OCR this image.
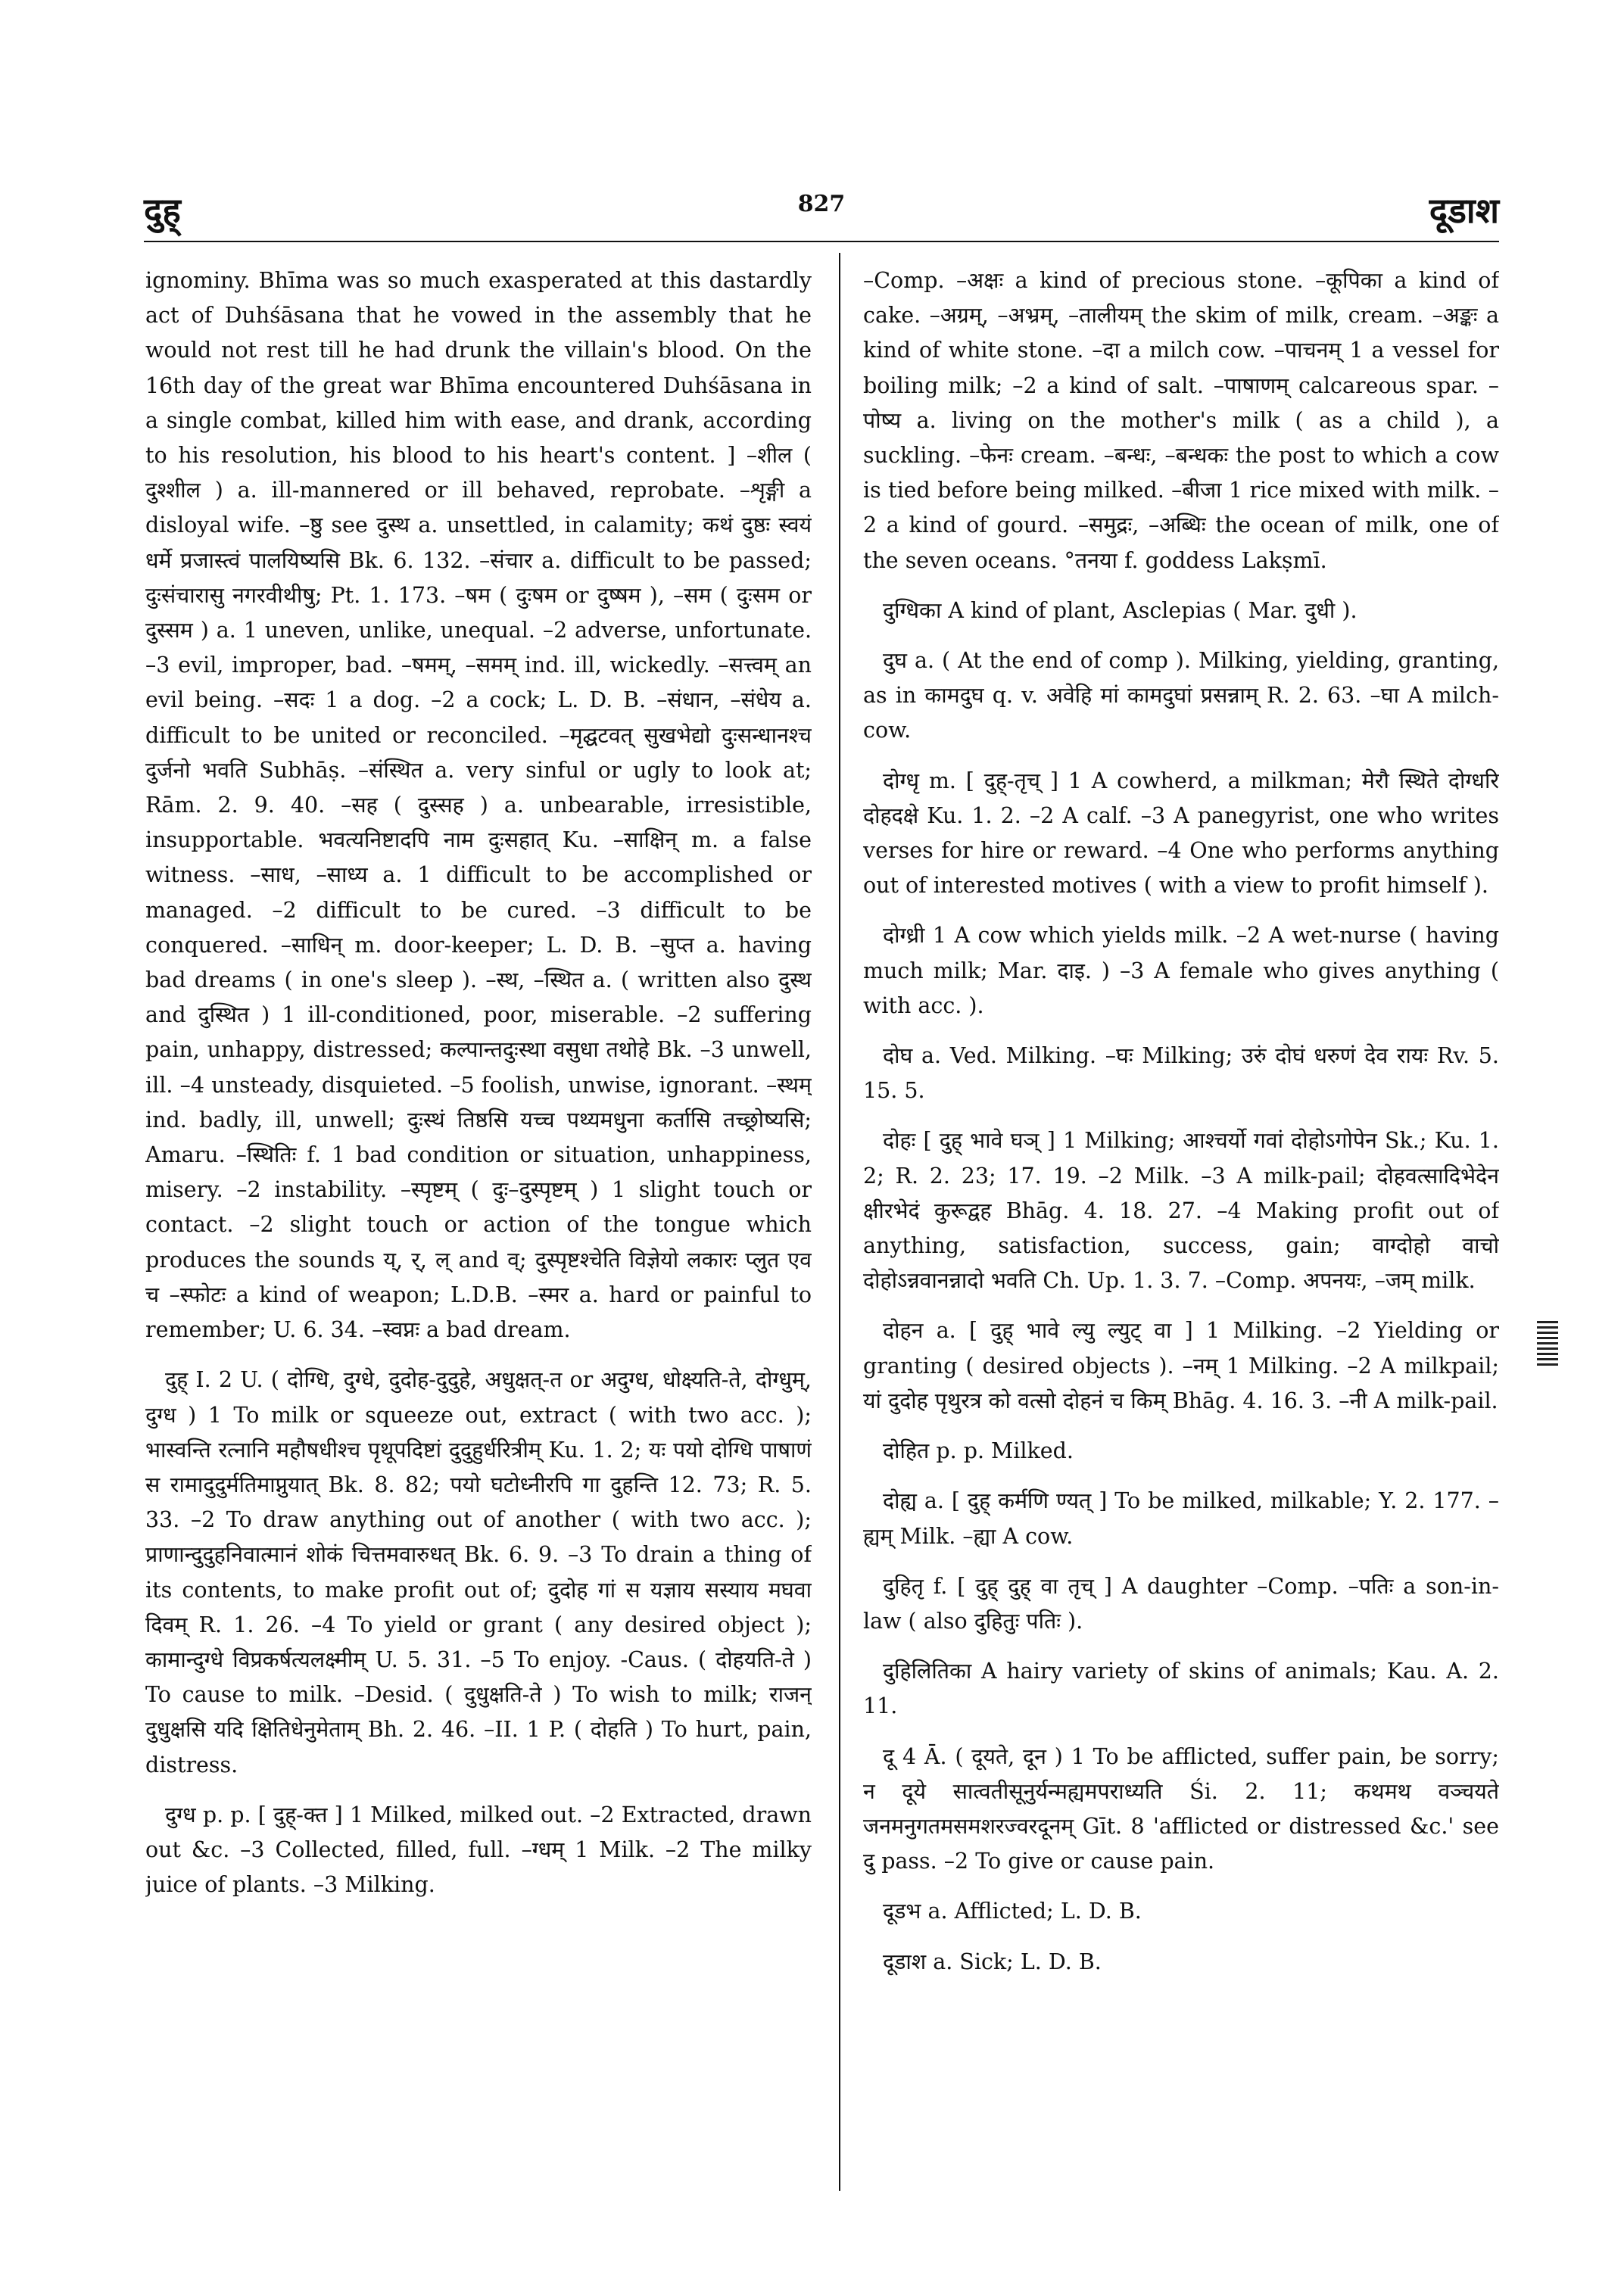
दुह्	827	दूडाश

ignominy. Bhīma was so much exasperated at this dastardly act of Duhśāsana that he vowed in the assembly that he would not rest till he had drunk the villain's blood. On the 16th day of the great war Bhīma encountered Duhśāsana in a single combat, killed him with ease, and drank, according to his resolution, his blood to his heart's content. ] –शील ( दुश्शील ) a. ill-mannered or ill behaved, reprobate. –शृङ्गी a disloyal wife. –ष्ठु see दुस्थ a. unsettled, in calamity; कथं दुष्ठः स्वयं धर्मे प्रजास्त्वं पालयिष्यसि Bk. 6. 132. –संचार a. difficult to be passed; दुःसंचारासु नगरवीथीषु; Pt. 1. 173. –षम ( दुःषम or दुष्षम ), –सम ( दुःसम or दुस्सम ) a. 1 uneven, unlike, unequal. –2 adverse, unfortunate. –3 evil, improper, bad. –षमम्, –समम् ind. ill, wickedly. –सत्त्वम् an evil being. –सदः 1 a dog. –2 a cock; L. D. B. –संधान, –संधेय a. difficult to be united or reconciled. –मृद्घटवत् सुखभेद्यो दुःसन्धानश्च दुर्जनो भवति Subhāṣ. –संस्थित a. very sinful or ugly to look at; Rām. 2. 9. 40. –सह ( दुस्सह ) a. unbearable, irresistible, insupportable. भवत्यनिष्टादपि नाम दुःसहात् Ku. –साक्षिन् m. a false witness. –साध, –साध्य a. 1 difficult to be accomplished or managed. –2 difficult to be cured. –3 difficult to be conquered. –साधिन् m. door-keeper; L. D. B. –सुप्त a. having bad dreams ( in one's sleep ). –स्थ, –स्थित a. ( written also दुस्थ and दुस्थित ) 1 ill-conditioned, poor, miserable. –2 suffering pain, unhappy, distressed; कल्पान्तदुःस्था वसुधा तथोहे Bk. –3 unwell, ill. –4 unsteady, disquieted. –5 foolish, unwise, ignorant. –स्थम् ind. badly, ill, unwell; दुःस्थं तिष्ठसि यच्च पथ्यमधुना कर्तासि तच्छ्रोष्यसि; Amaru. –स्थितिः f. 1 bad condition or situation, unhappiness, misery. –2 instability. –स्पृष्टम् ( दुः–दुस्पृष्टम् ) 1 slight touch or contact. –2 slight touch or action of the tongue which produces the sounds य्, र्, ल् and व्; दुस्पृष्टश्चेति विज्ञेयो लकारः प्लुत एव च –स्फोटः a kind of weapon; L.D.B. –स्मर a. hard or painful to remember; U. 6. 34. –स्वप्नः a bad dream.

दुह् I. 2 U. ( दोग्धि, दुग्धे, दुदोह-दुदुहे, अधुक्षत्-त or अदुग्ध, धोक्ष्यति-ते, दोग्धुम्, दुग्ध ) 1 To milk or squeeze out, extract ( with two acc. ); भास्वन्ति रत्नानि महौषधीश्च पृथूपदिष्टां दुदुहुर्धरित्रीम् Ku. 1. 2; यः पयो दोग्धि पाषाणं स रामादुदुर्मतिमाप्नुयात् Bk. 8. 82; पयो घटोध्नीरपि गा दुहन्ति 12. 73; R. 5. 33. –2 To draw anything out of another ( with two acc. ); प्राणान्दुदुहनिवात्मानं शोकं चित्तमवारुधत् Bk. 6. 9. –3 To drain a thing of its contents, to make profit out of; दुदोह गां स यज्ञाय सस्याय मघवा दिवम् R. 1. 26. –4 To yield or grant ( any desired object ); कामान्दुग्धे विप्रकर्षत्यलक्ष्मीम् U. 5. 31. –5 To enjoy. -Caus. ( दोहयति-ते ) To cause to milk. –Desid. ( दुधुक्षति-ते ) To wish to milk; राजन् दुधुक्षसि यदि क्षितिधेनुमेताम् Bh. 2. 46. –II. 1 P. ( दोहति ) To hurt, pain, distress.

दुग्ध p. p. [ दुह्-क्त ] 1 Milked, milked out. –2 Extracted, drawn out &c. –3 Collected, filled, full. –ग्धम् 1 Milk. –2 The milky juice of plants. –3 Milking.

–Comp. –अक्षः a kind of precious stone. –कूपिका a kind of cake. –अग्रम्, –अभ्रम्, –तालीयम् the skim of milk, cream. –अङ्कः a kind of white stone. –दा a milch cow. –पाचनम् 1 a vessel for boiling milk; –2 a kind of salt. –पाषाणम् calcareous spar. –पोष्य a. living on the mother's milk ( as a child ), a suckling. –फेनः cream. –बन्धः, –बन्धकः the post to which a cow is tied before being milked. –बीजा 1 rice mixed with milk. –2 a kind of gourd. –समुद्रः, –अब्धिः the ocean of milk, one of the seven oceans. °तनया f. goddess Lakṣmī.

दुग्धिका A kind of plant, Asclepias ( Mar. दुधी ).

दुघ a. ( At the end of comp ). Milking, yielding, granting, as in कामदुघ q. v. अवेहि मां कामदुघां प्रसन्नाम् R. 2. 63. –घा A milch-cow.

दोग्धृ m. [ दुह्-तृच् ] 1 A cowherd, a milkman; मेरौ स्थिते दोग्धरि दोहदक्षे Ku. 1. 2. –2 A calf. –3 A panegyrist, one who writes verses for hire or reward. –4 One who performs anything out of interested motives ( with a view to profit himself ).

दोग्ध्री 1 A cow which yields milk. –2 A wet-nurse ( having much milk; Mar. दाइ. ) –3 A female who gives anything ( with acc. ).

दोघ a. Ved. Milking. –घः Milking; उरुं दोघं धरुणं देव रायः Rv. 5. 15. 5.

दोहः [ दुह् भावे घञ् ] 1 Milking; आश्चर्यो गवां दोहोऽगोपेन Sk.; Ku. 1. 2; R. 2. 23; 17. 19. –2 Milk. –3 A milk-pail; दोहवत्सादिभेदेन क्षीरभेदं कुरूद्वह Bhāg. 4. 18. 27. –4 Making profit out of anything, satisfaction, success, gain; वाग्दोहो वाचो दोहोऽन्नवानन्नादो भवति Ch. Up. 1. 3. 7. –Comp. अपनयः, –जम् milk.

दोहन a. [ दुह् भावे ल्यु ल्युट् वा ] 1 Milking. –2 Yielding or granting ( desired objects ). –नम् 1 Milking. –2 A milkpail; यां दुदोह पृथुरत्र को वत्सो दोहनं च किम् Bhāg. 4. 16. 3. –नी A milk-pail.

दोहित p. p. Milked.

दोह्य a. [ दुह् कर्मणि ण्यत् ] To be milked, milkable; Y. 2. 177. –ह्यम् Milk. –ह्या A cow.

दुहितृ f. [ दुह् दुह् वा तृच् ] A daughter –Comp. –पतिः a son-in-law ( also दुहितुः पतिः ).

दुहिलितिका A hairy variety of skins of animals; Kau. A. 2. 11.

दू 4 Ā. ( दूयते, दून ) 1 To be afflicted, suffer pain, be sorry; न दूये सात्वतीसूनुर्यन्मह्यमपराध्यति Śi. 2. 11; कथमथ वञ्चयते जनमनुगतमसमशरज्वरदूनम् Gīt. 8 'afflicted or distressed &c.' see दु pass. –2 To give or cause pain.

दूडभ a. Afflicted; L. D. B.

दूडाश a. Sick; L. D. B.
